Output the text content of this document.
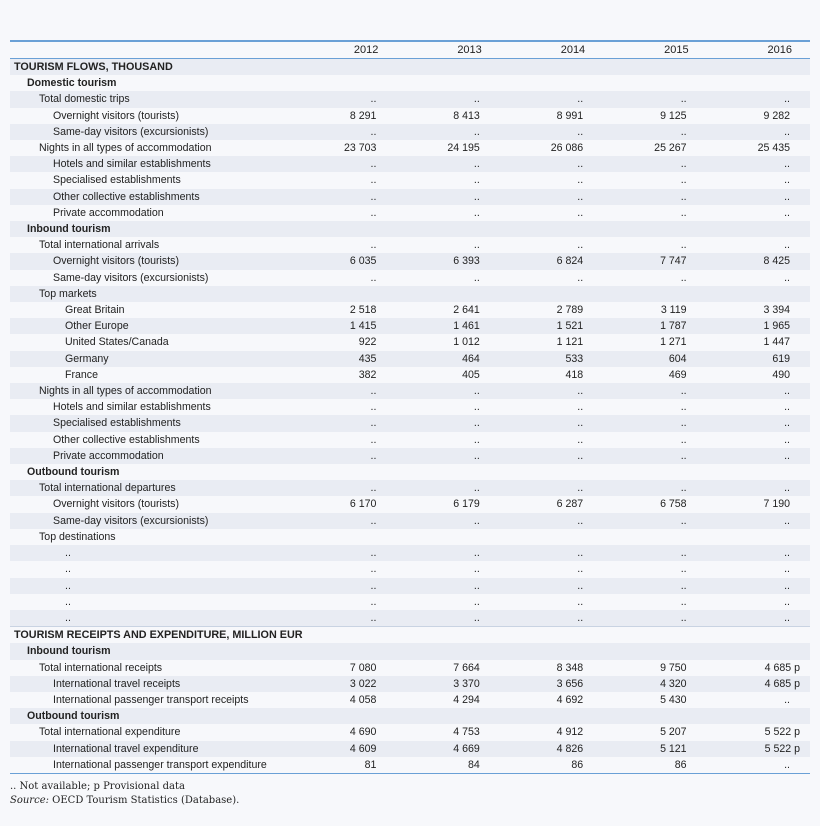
	2012	2013	2014	2015	2016
TOURISM FLOWS, THOUSAND					
Domestic tourism					
Total domestic trips	..	..	..	..	..
Overnight visitors (tourists)	8 291	8 413	8 991	9 125	9 282
Same-day visitors (excursionists)	..	..	..	..	..
Nights in all types of accommodation	23 703	24 195	26 086	25 267	25 435
Hotels and similar establishments	..	..	..	..	..
Specialised establishments	..	..	..	..	..
Other collective establishments	..	..	..	..	..
Private accommodation	..	..	..	..	..
Inbound tourism					
Total international arrivals	..	..	..	..	..
Overnight visitors (tourists)	6 035	6 393	6 824	7 747	8 425
Same-day visitors (excursionists)	..	..	..	..	..
Top markets					
Great Britain	2 518	2 641	2 789	3 119	3 394
Other Europe	1 415	1 461	1 521	1 787	1 965
United States/Canada	922	1 012	1 121	1 271	1 447
Germany	435	464	533	604	619
France	382	405	418	469	490
Nights in all types of accommodation	..	..	..	..	..
Hotels and similar establishments	..	..	..	..	..
Specialised establishments	..	..	..	..	..
Other collective establishments	..	..	..	..	..
Private accommodation	..	..	..	..	..
Outbound tourism					
Total international departures	..	..	..	..	..
Overnight visitors (tourists)	6 170	6 179	6 287	6 758	7 190
Same-day visitors (excursionists)	..	..	..	..	..
Top destinations					
..	..	..	..	..	..
..	..	..	..	..	..
..	..	..	..	..	..
..	..	..	..	..	..
..	..	..	..	..	..
TOURISM RECEIPTS AND EXPENDITURE, MILLION EUR					
Inbound tourism					
Total international receipts	7 080	7 664	8 348	9 750	4 685 p
International travel receipts	3 022	3 370	3 656	4 320	4 685 p
International passenger transport receipts	4 058	4 294	4 692	5 430	..
Outbound tourism					
Total international expenditure	4 690	4 753	4 912	5 207	5 522 p
International travel expenditure	4 609	4 669	4 826	5 121	5 522 p
International passenger transport expenditure	81	84	86	86	..
.. Not available; p Provisional data
Source: OECD Tourism Statistics (Database).
